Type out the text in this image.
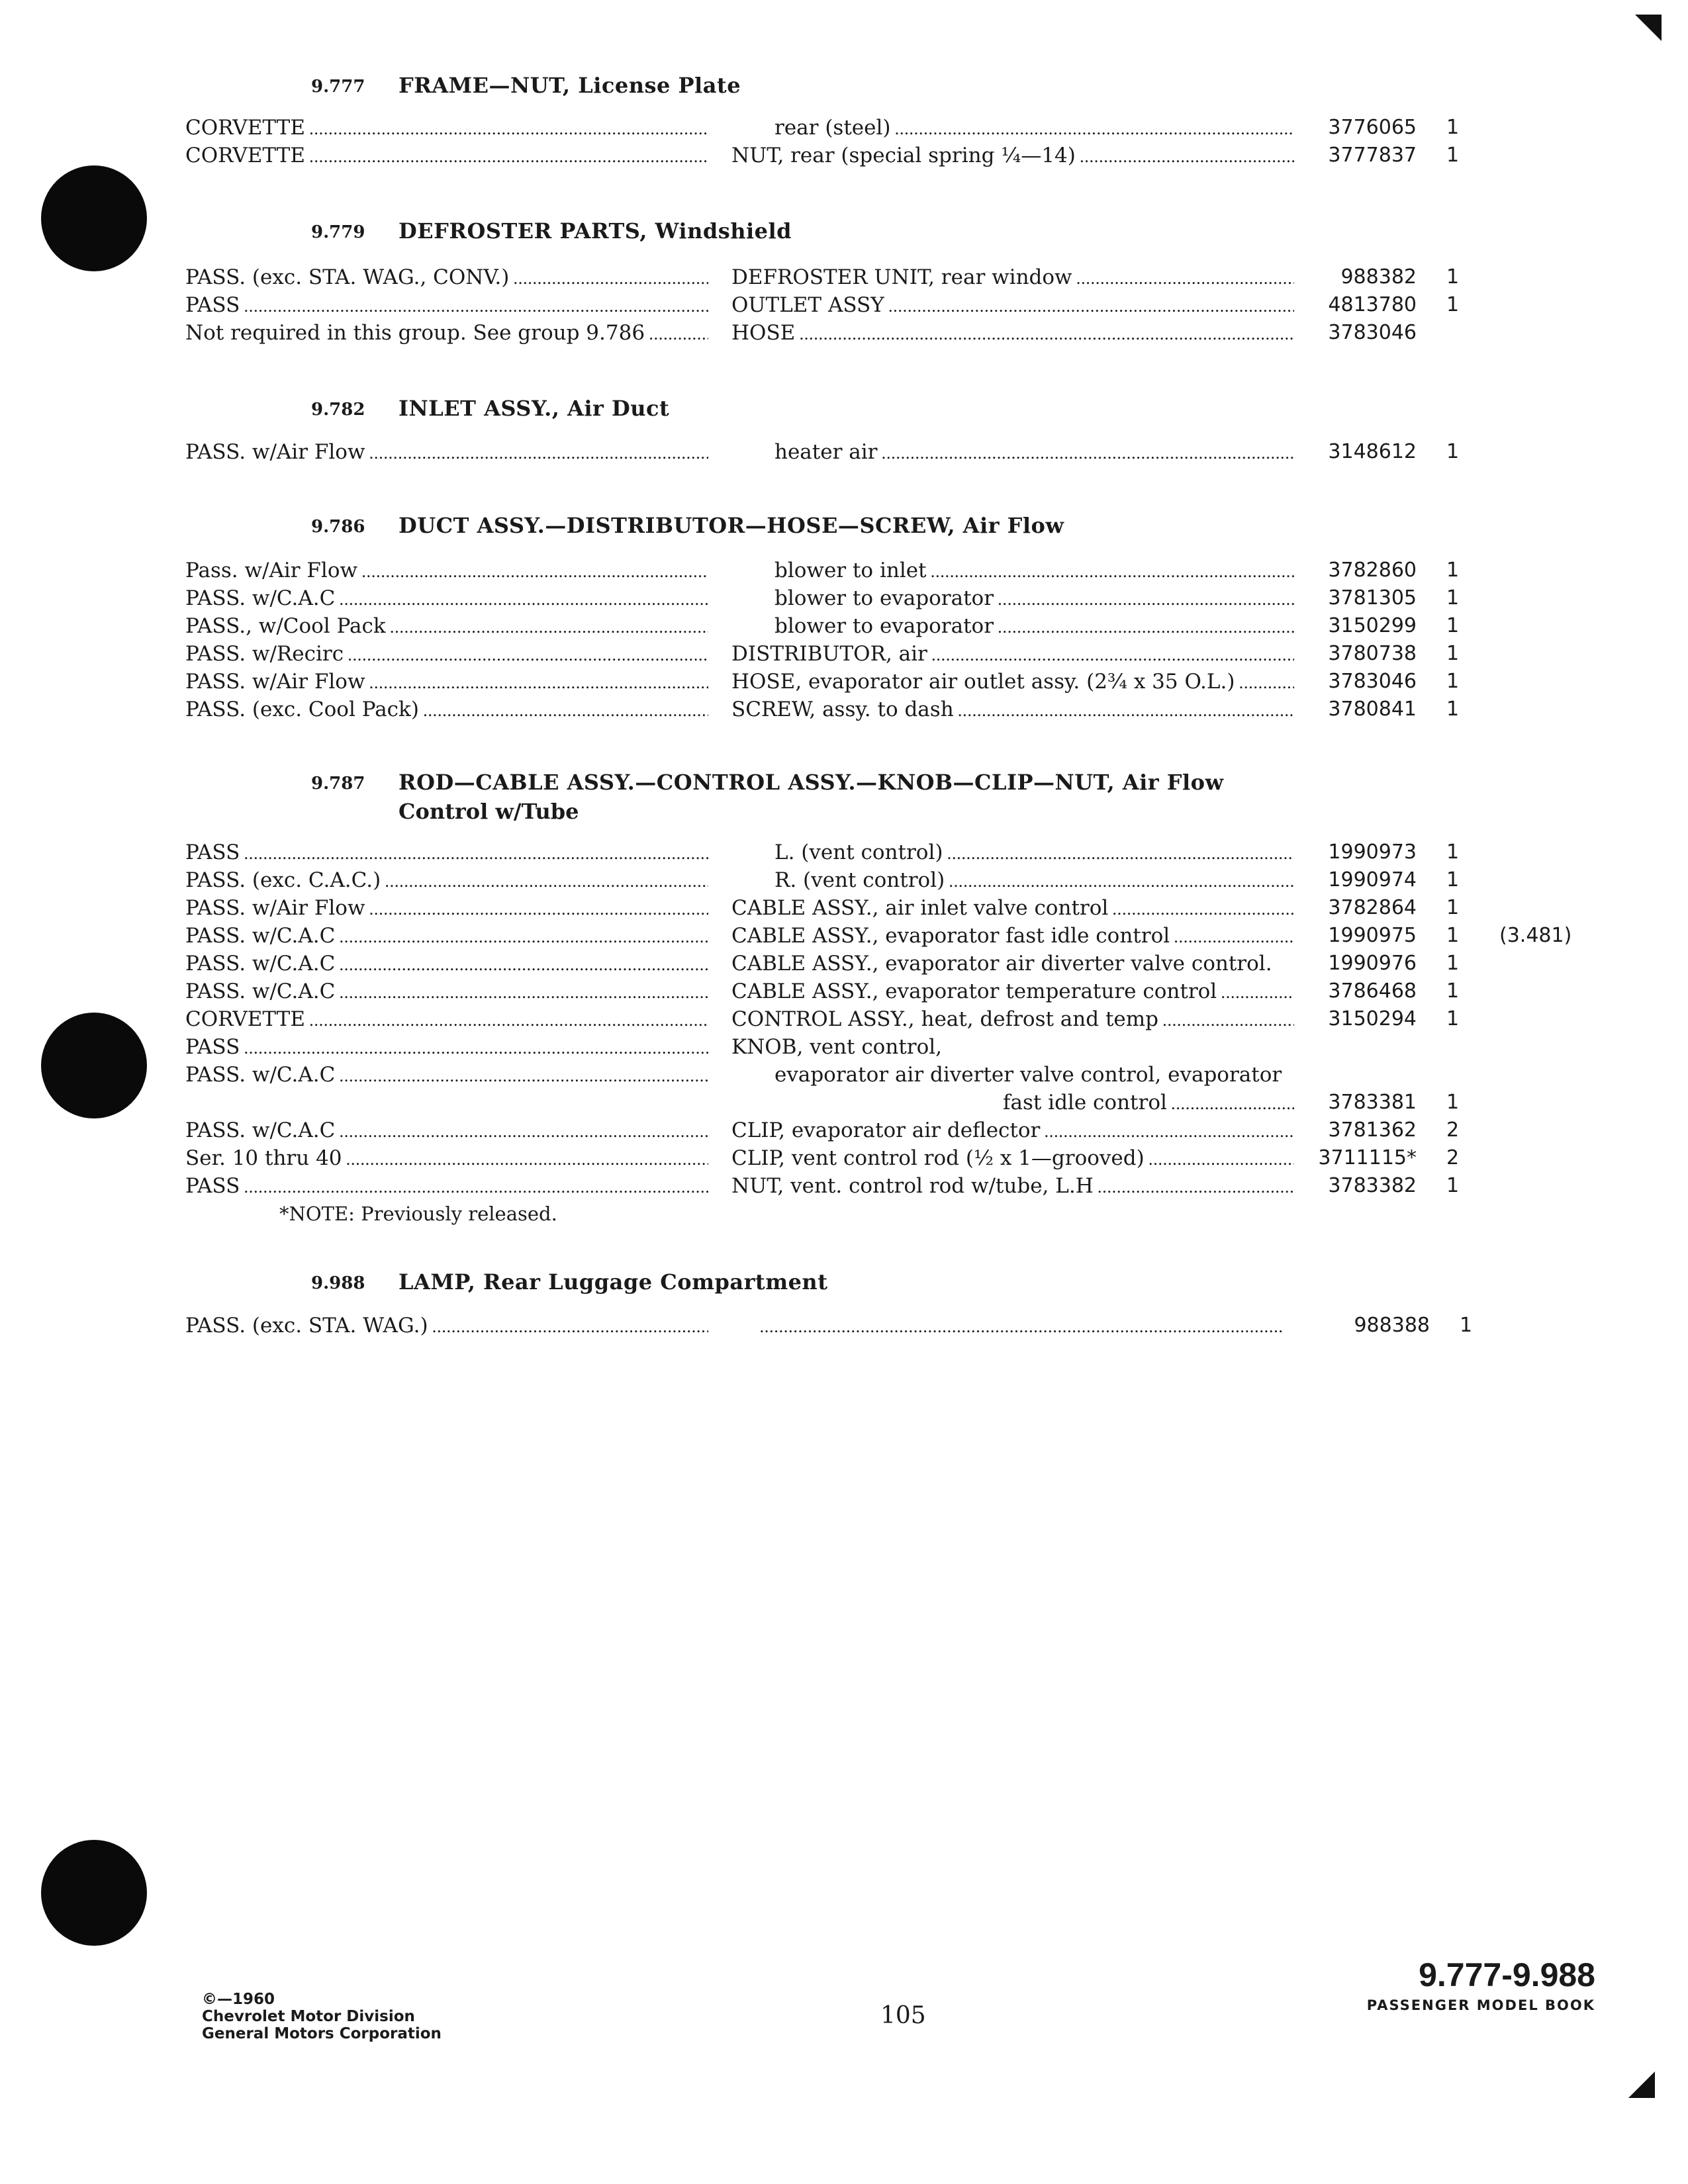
9.777 FRAME—NUT, License Plate
CORVETTE . . .	rear (steel) . . .	3776065 1
CORVETTE . . .	NUT, rear (special spring ¼—14) . . .	3777837 1
9.779 DEFROSTER PARTS, Windshield
PASS. (exc. STA. WAG., CONV.) . . .	DEFROSTER UNIT, rear window . . .	988382 1
PASS . . .	OUTLET ASSY . . .	4813780 1
Not required in this group. See group 9.786 . . .	HOSE . . .	3783046
9.782 INLET ASSY., Air Duct
PASS. w/Air Flow . . .	heater air . . .	3148612 1
9.786 DUCT ASSY.—DISTRIBUTOR—HOSE—SCREW, Air Flow
Pass. w/Air Flow . . .	blower to inlet . . .	3782860 1
PASS. w/C.A.C . . .	blower to evaporator . . .	3781305 1
PASS., w/Cool Pack . . .	blower to evaporator . . .	3150299 1
PASS. w/Recirc . . .	DISTRIBUTOR, air . . .	3780738 1
PASS. w/Air Flow . . .	HOSE, evaporator air outlet assy. (2¾ x 35 O.L.) . . .	3783046 1
PASS. (exc. Cool Pack) . . .	SCREW, assy. to dash . . .	3780841 1
9.787 ROD—CABLE ASSY.—CONTROL ASSY.—KNOB—CLIP—NUT, Air Flow
Control w/Tube
PASS . . .	L. (vent control) . . .	1990973 1
PASS. (exc. C.A.C.) . . .	R. (vent control) . . .	1990974 1
PASS. w/Air Flow . . .	CABLE ASSY., air inlet valve control . . .	3782864 1
PASS. w/C.A.C . . .	CABLE ASSY., evaporator fast idle control . . .	1990975 1	(3.481)
PASS. w/C.A.C . . .	CABLE ASSY., evaporator air diverter valve control.	1990976 1
PASS. w/C.A.C . . .	CABLE ASSY., evaporator temperature control . . .	3786468 1
CORVETTE . . .	CONTROL ASSY., heat, defrost and temp . . .	3150294 1
PASS . . .	KNOB, vent control,
PASS. w/C.A.C . . .	evaporator air diverter valve control, evaporator
fast idle control . . .	3783381 1
PASS. w/C.A.C . . .	CLIP, evaporator air deflector . . .	3781362 2
Ser. 10 thru 40 . . .	CLIP, vent control rod (½ x 1—grooved) . . .	3711115* 2
PASS . . .	NUT, vent. control rod w/tube, L.H . . .	3783382 1
*NOTE: Previously released.
9.988 LAMP, Rear Luggage Compartment
PASS. (exc. STA. WAG.) . . .
. . .	988388 1
©—1960
Chevrolet Motor Division
General Motors Corporation
105
9.777-9.988
PASSENGER MODEL BOOK
